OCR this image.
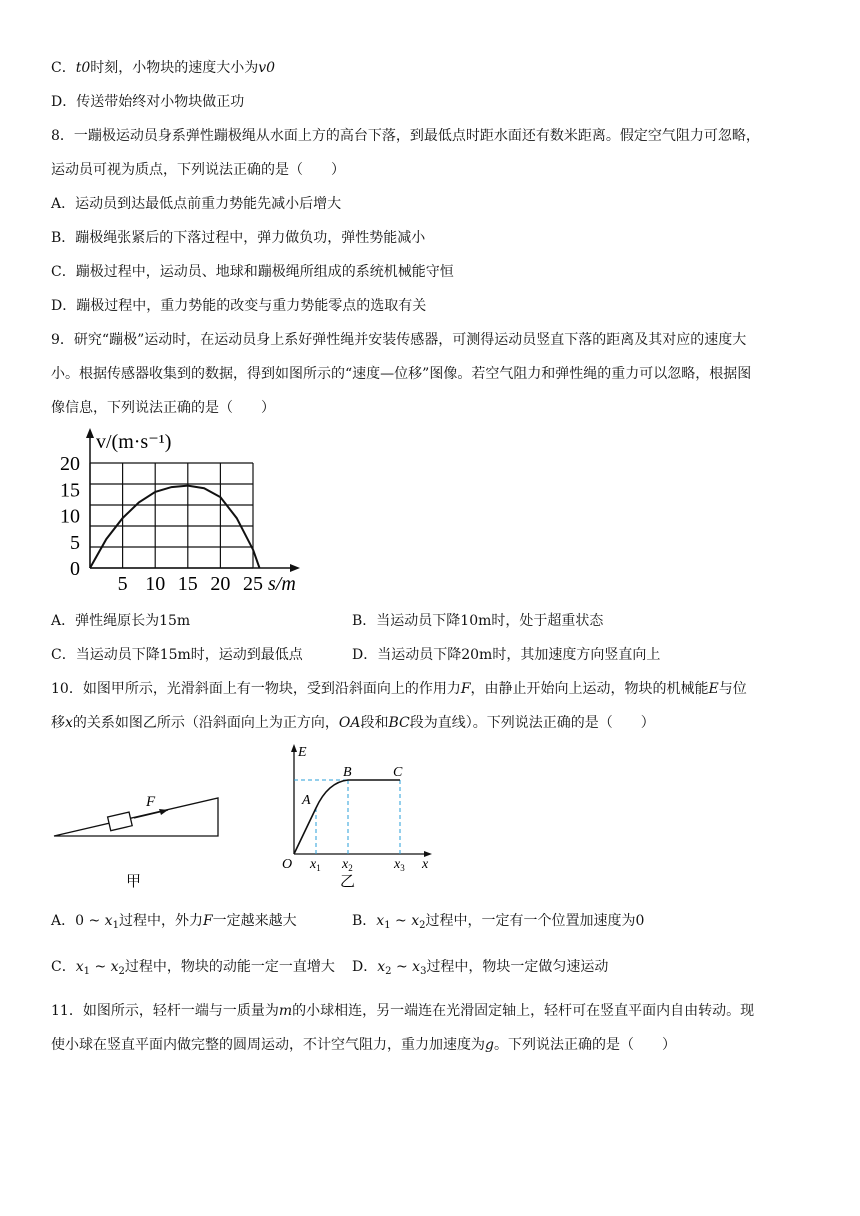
C．t0时刻，小物块的速度大小为v0
D．传送带始终对小物块做正功
8．一蹦极运动员身系弹性蹦极绳从水面上方的高台下落，到最低点时距水面还有数米距离。假定空气阻力可忽略，
运动员可视为质点，下列说法正确的是（　　）
A．运动员到达最低点前重力势能先减小后增大
B．蹦极绳张紧后的下落过程中，弹力做负功，弹性势能减小
C．蹦极过程中，运动员、地球和蹦极绳所组成的系统机械能守恒
D．蹦极过程中，重力势能的改变与重力势能零点的选取有关
9．研究“蹦极”运动时，在运动员身上系好弹性绳并安装传感器，可测得运动员竖直下落的距离及其对应的速度大
小。根据传感器收集到的数据，得到如图所示的“速度—位移”图像。若空气阻力和弹性绳的重力可以忽略，根据图
像信息，下列说法正确的是（　　）
0
5
10
15
20
5 10 15 20 25
v/(m·s⁻¹)
s/m
A．弹性绳原长为15m	B．当运动员下降10m时，处于超重状态
C．当运动员下降15m时，运动到最低点	D．当运动员下降20m时，其加速度方向竖直向上
10．如图甲所示，光滑斜面上有一物块，受到沿斜面向上的作用力F，由静止开始向上运动，物块的机械能E与位
移x的关系如图乙所示（沿斜面向上为正方向，OA段和BC段为直线）。下列说法正确的是（　　）
F
甲
E
A
B	C
O $x_1$ $x_2$	$x_3$ x
乙
A．0 ~ $x_1$过程中，外力F一定越来越大	B．$x_1$ ~ $x_2$过程中，一定有一个位置加速度为0
C．$x_1$ ~ $x_2$过程中，物块的动能一定一直增大 D．$x_2$ ~ $x_3$过程中，物块一定做匀速运动
11．如图所示，轻杆一端与一质量为m的小球相连，另一端连在光滑固定轴上，轻杆可在竖直平面内自由转动。现
使小球在竖直平面内做完整的圆周运动，不计空气阻力，重力加速度为g。下列说法正确的是（　　）
